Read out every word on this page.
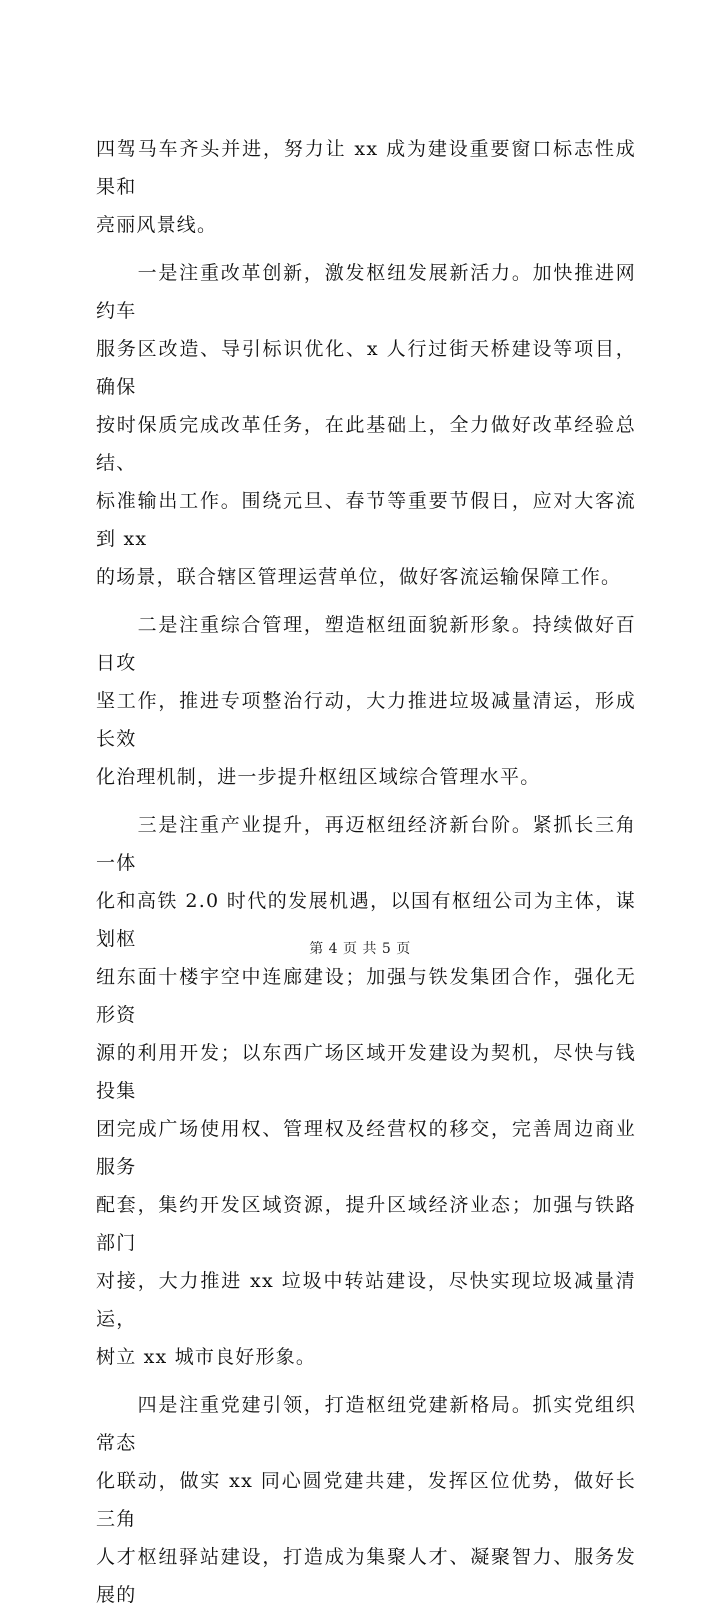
四驾马车齐头并进，努力让 xx 成为建设重要窗口标志性成果和
亮丽风景线。

　　一是注重改革创新，激发枢纽发展新活力。加快推进网约车
服务区改造、导引标识优化、x 人行过街天桥建设等项目，确保
按时保质完成改革任务，在此基础上，全力做好改革经验总结、
标准输出工作。围绕元旦、春节等重要节假日，应对大客流到 xx
的场景，联合辖区管理运营单位，做好客流运输保障工作。

　　二是注重综合管理，塑造枢纽面貌新形象。持续做好百日攻
坚工作，推进专项整治行动，大力推进垃圾减量清运，形成长效
化治理机制，进一步提升枢纽区域综合管理水平。

　　三是注重产业提升，再迈枢纽经济新台阶。紧抓长三角一体
化和高铁 2.0 时代的发展机遇，以国有枢纽公司为主体，谋划枢
纽东面十楼宇空中连廊建设；加强与铁发集团合作，强化无形资
源的利用开发；以东西广场区域开发建设为契机，尽快与钱投集
团完成广场使用权、管理权及经营权的移交，完善周边商业服务
配套，集约开发区域资源，提升区域经济业态；加强与铁路部门
对接，大力推进 xx 垃圾中转站建设，尽快实现垃圾减量清运，
树立 xx 城市良好形象。

　　四是注重党建引领，打造枢纽党建新格局。抓实党组织常态
化联动，做实 xx 同心圆党建共建，发挥区位优势，做好长三角
人才枢纽驿站建设，打造成为集聚人才、凝聚智力、服务发展的

第 4 页 共 5 页
